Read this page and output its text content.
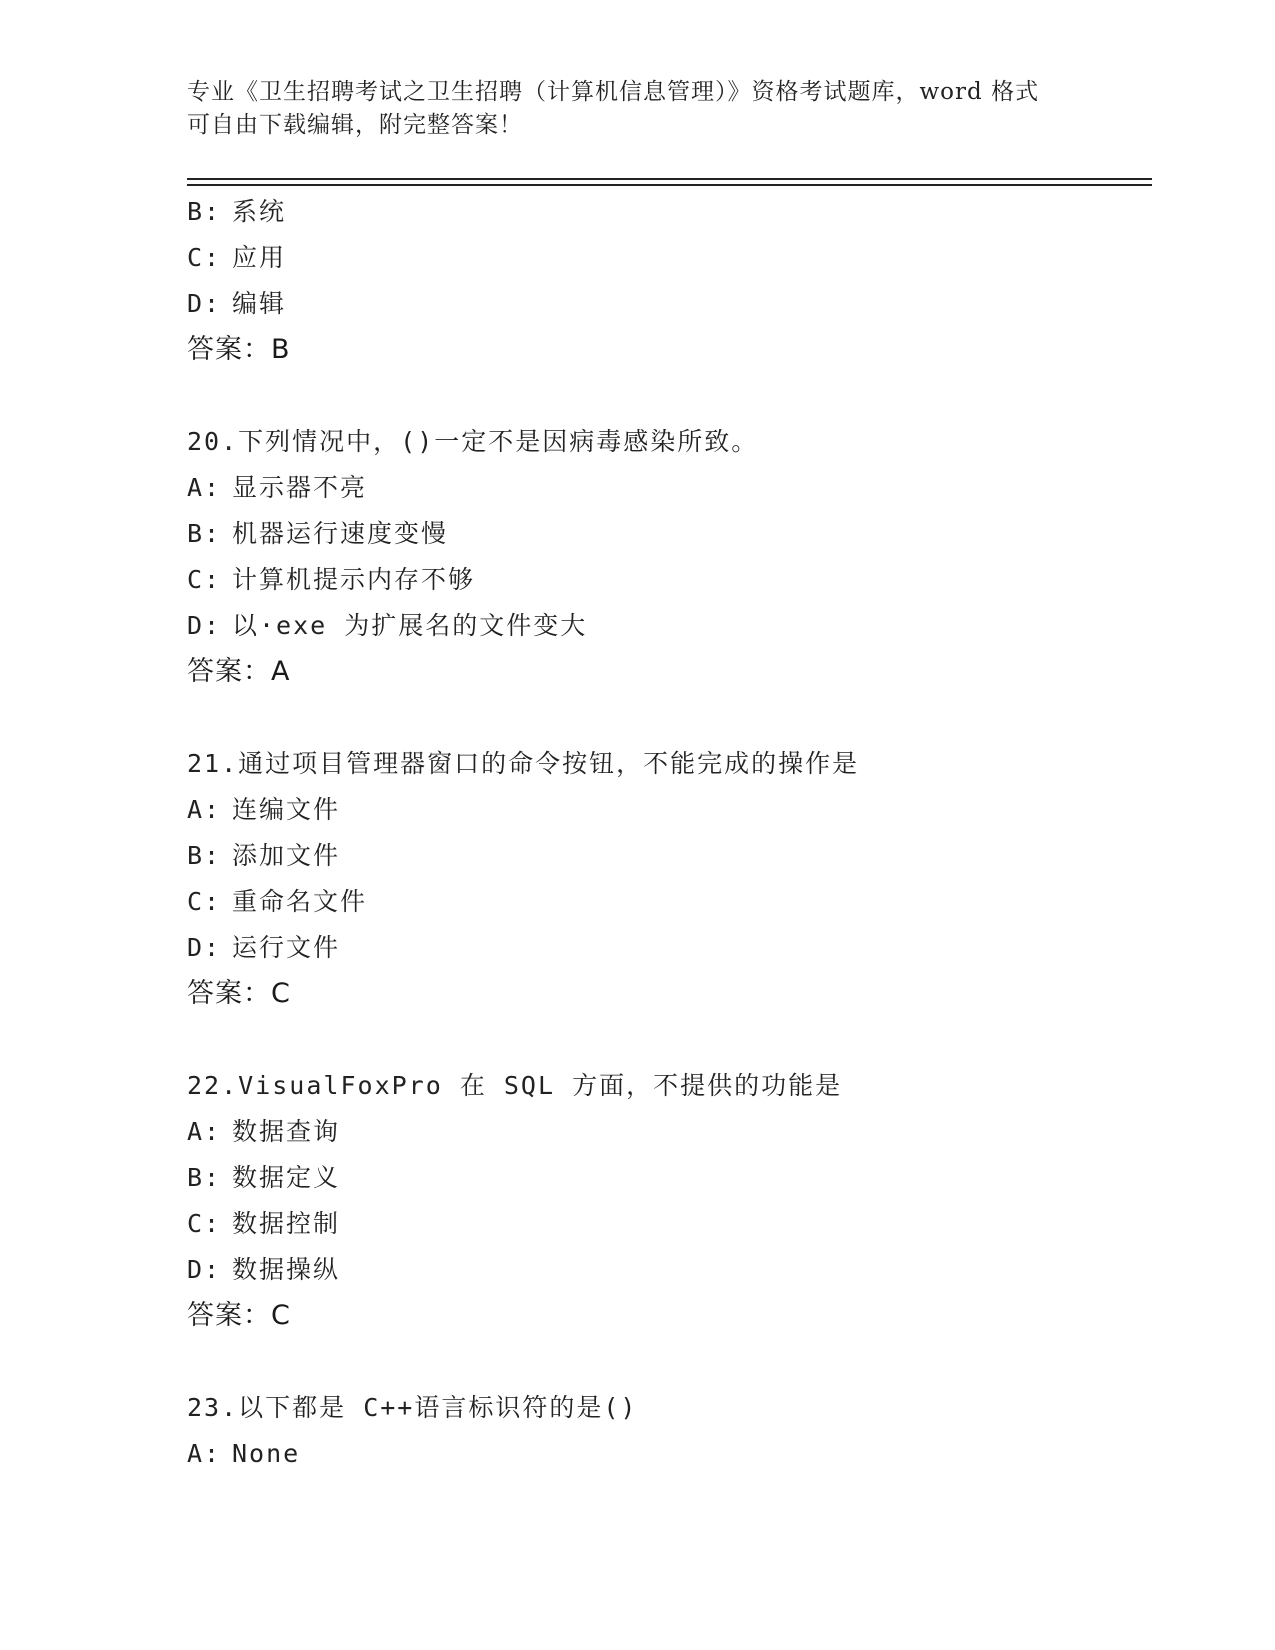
专业《卫生招聘考试之卫生招聘（计算机信息管理）》资格考试题库，word 格式
可自由下载编辑，附完整答案！
B: 系统
C: 应用
D: 编辑
答案：B
20.下列情况中，()一定不是因病毒感染所致。
A: 显示器不亮
B: 机器运行速度变慢
C: 计算机提示内存不够
D: 以·exe 为扩展名的文件变大
答案：A
21.通过项目管理器窗口的命令按钮，不能完成的操作是
A: 连编文件
B: 添加文件
C: 重命名文件
D: 运行文件
答案：C
22.VisualFoxPro 在 SQL 方面，不提供的功能是
A: 数据查询
B: 数据定义
C: 数据控制
D: 数据操纵
答案：C
23.以下都是 C++语言标识符的是()
A: None
